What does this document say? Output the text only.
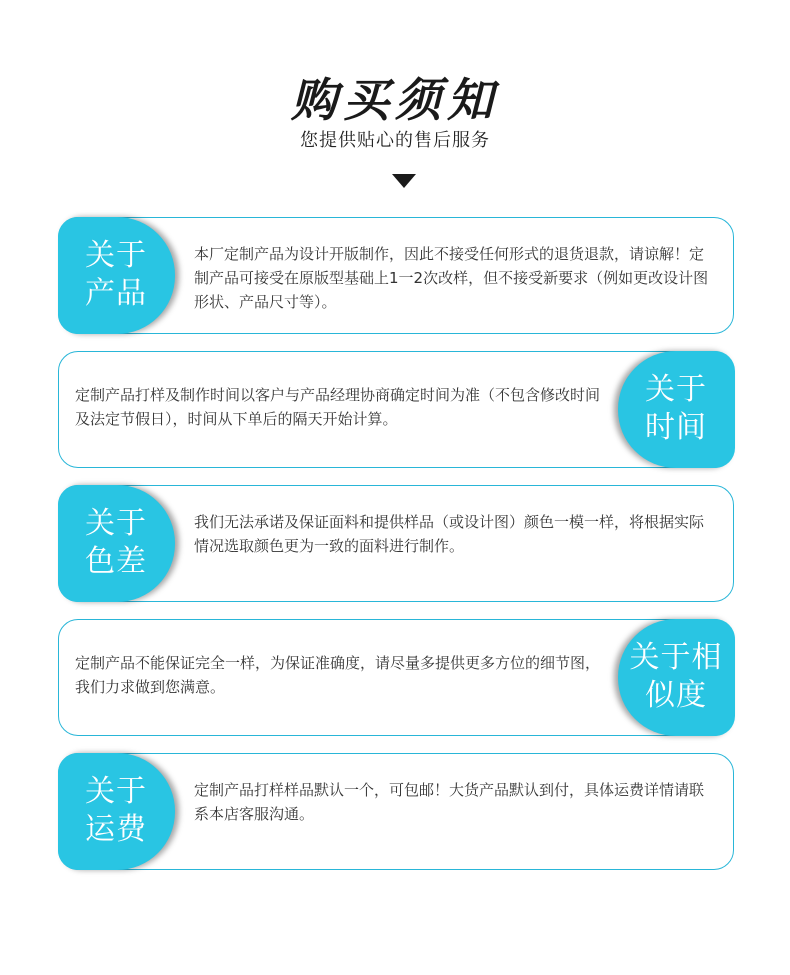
购买须知
您提供贴心的售后服务
关于
产品
本厂定制产品为设计开版制作，因此不接受任何形式的退货退款，请谅解！定制产品可接受在原版型基础上1一2次改样，但不接受新要求（例如更改设计图形状、产品尺寸等）。
定制产品打样及制作时间以客户与产品经理协商确定时间为准（不包含修改时间及法定节假日），时间从下单后的隔天开始计算。
关于
时间
关于
色差
我们无法承诺及保证面料和提供样品（或设计图）颜色一模一样，将根据实际情况选取颜色更为一致的面料进行制作。
定制产品不能保证完全一样，为保证准确度，请尽量多提供更多方位的细节图，我们力求做到您满意。
关于相
似度
关于
运费
定制产品打样样品默认一个，可包邮！大货产品默认到付，具体运费详情请联系本店客服沟通。
